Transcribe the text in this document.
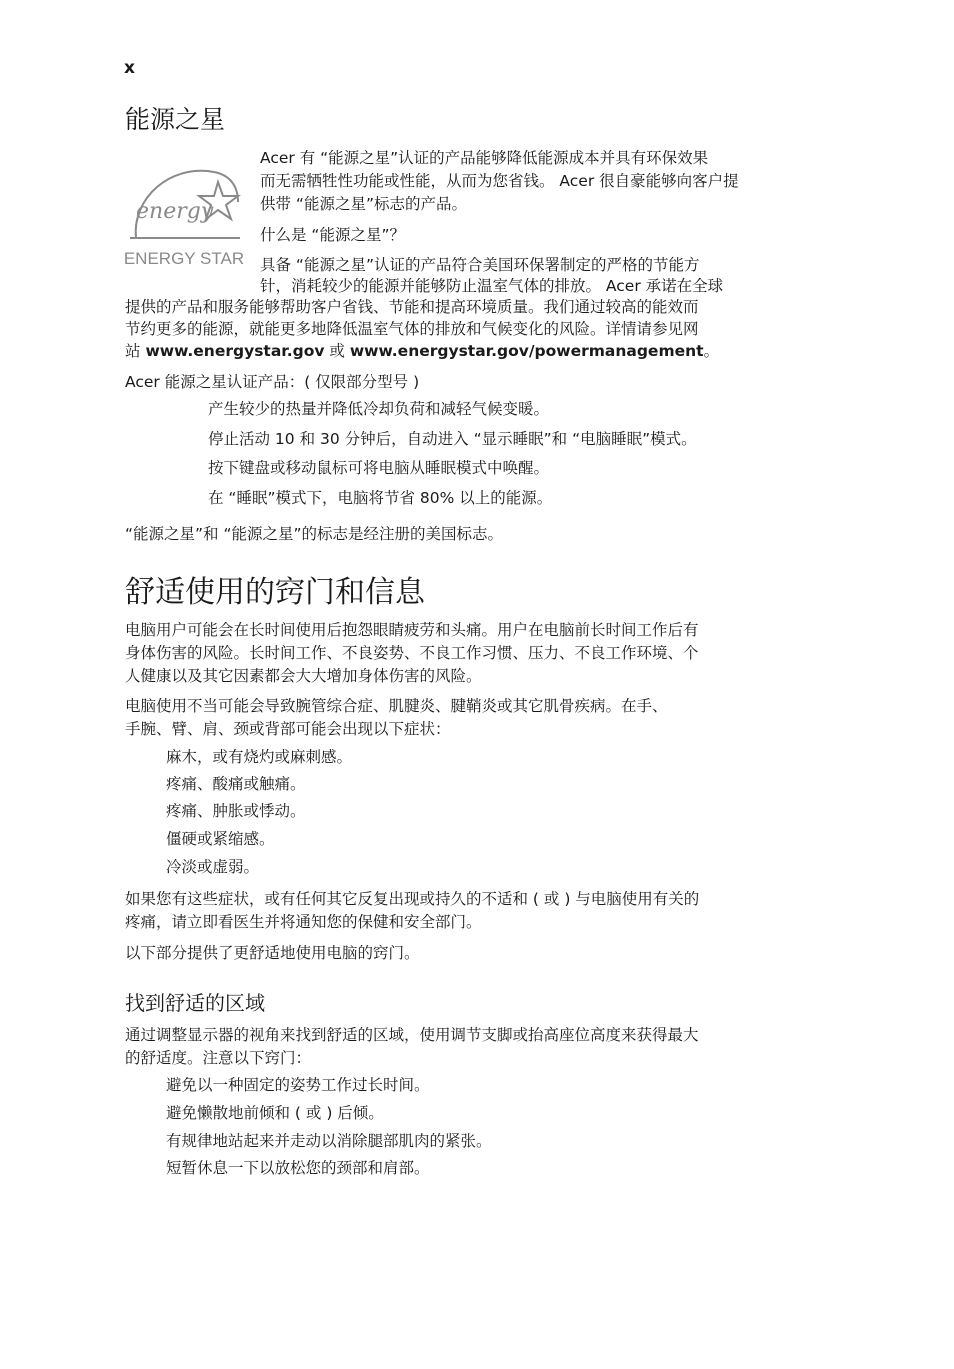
x
能源之星
energy
ENERGY STAR
Acer 有 “能源之星”认证的产品能够降低能源成本并具有环保效果
而无需牺牲性功能或性能，从而为您省钱。 Acer 很自豪能够向客户提
供带 “能源之星”标志的产品。
什么是 “能源之星”？
具备 “能源之星”认证的产品符合美国环保署制定的严格的节能方
针，消耗较少的能源并能够防止温室气体的排放。 Acer 承诺在全球
提供的产品和服务能够帮助客户省钱、节能和提高环境质量。我们通过较高的能效而
节约更多的能源，就能更多地降低温室气体的排放和气候变化的风险。详情请参见网
站 www.energystar.gov 或 www.energystar.gov/powermanagement。
Acer 能源之星认证产品：( 仅限部分型号 )
产生较少的热量并降低冷却负荷和减轻气候变暖。
停止活动 10 和 30 分钟后，自动进入 “显示睡眠”和 “电脑睡眠”模式。
按下键盘或移动鼠标可将电脑从睡眠模式中唤醒。
在 “睡眠”模式下，电脑将节省 80% 以上的能源。
“能源之星”和 “能源之星”的标志是经注册的美国标志。
舒适使用的窍门和信息
电脑用户可能会在长时间使用后抱怨眼睛疲劳和头痛。用户在电脑前长时间工作后有
身体伤害的风险。长时间工作、不良姿势、不良工作习惯、压力、不良工作环境、个
人健康以及其它因素都会大大增加身体伤害的风险。
电脑使用不当可能会导致腕管综合症、肌腱炎、腱鞘炎或其它肌骨疾病。在手、
手腕、臂、肩、颈或背部可能会出现以下症状：
麻木，或有烧灼或麻刺感。
疼痛、酸痛或触痛。
疼痛、肿胀或悸动。
僵硬或紧缩感。
冷淡或虚弱。
如果您有这些症状，或有任何其它反复出现或持久的不适和 ( 或 ) 与电脑使用有关的
疼痛，请立即看医生并将通知您的保健和安全部门。
以下部分提供了更舒适地使用电脑的窍门。
找到舒适的区域
通过调整显示器的视角来找到舒适的区域，使用调节支脚或抬高座位高度来获得最大
的舒适度。注意以下窍门：
避免以一种固定的姿势工作过长时间。
避免懒散地前倾和 ( 或 ) 后倾。
有规律地站起来并走动以消除腿部肌肉的紧张。
短暂休息一下以放松您的颈部和肩部。
